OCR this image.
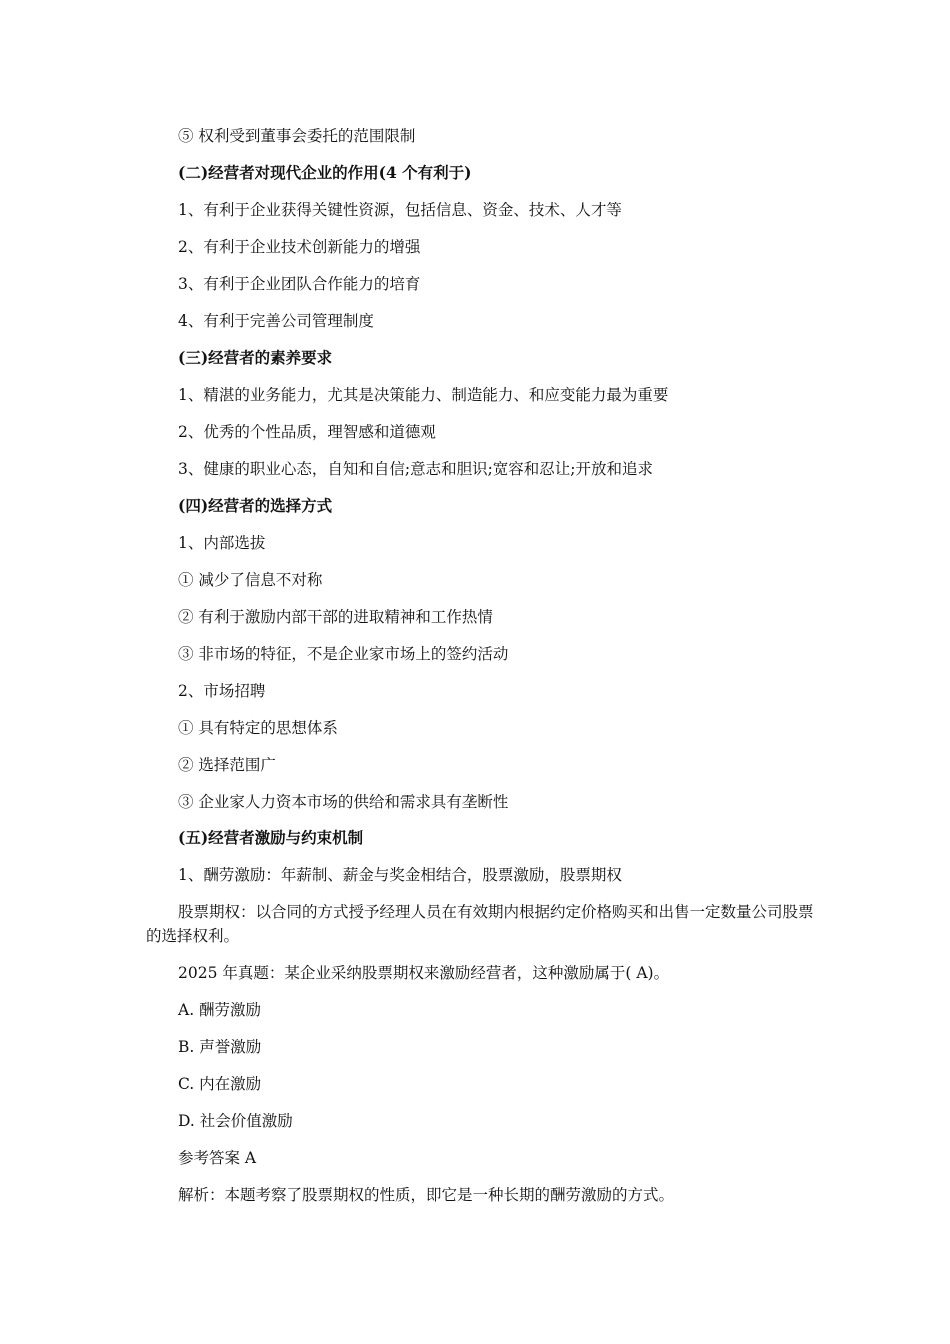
⑤ 权利受到董事会委托的范围限制
(二)经营者对现代企业的作用(4 个有利于)
1、有利于企业获得关键性资源，包括信息、资金、技术、人才等
2、有利于企业技术创新能力的增强
3、有利于企业团队合作能力的培育
4、有利于完善公司管理制度
(三)经营者的素养要求
1、精湛的业务能力，尤其是决策能力、制造能力、和应变能力最为重要
2、优秀的个性品质，理智感和道德观
3、健康的职业心态，自知和自信;意志和胆识;宽容和忍让;开放和追求
(四)经营者的选择方式
1、内部选拔
① 减少了信息不对称
② 有利于激励内部干部的进取精神和工作热情
③ 非市场的特征，不是企业家市场上的签约活动
2、市场招聘
① 具有特定的思想体系
② 选择范围广
③ 企业家人力资本市场的供给和需求具有垄断性
(五)经营者激励与约束机制
1、酬劳激励：年薪制、薪金与奖金相结合，股票激励，股票期权
股票期权：以合同的方式授予经理人员在有效期内根据约定价格购买和出售一定数量公司股票的选择权利。
2025 年真题：某企业采纳股票期权来激励经营者，这种激励属于( A)。
A. 酬劳激励
B. 声誉激励
C. 内在激励
D. 社会价值激励
参考答案 A
解析：本题考察了股票期权的性质，即它是一种长期的酬劳激励的方式。
